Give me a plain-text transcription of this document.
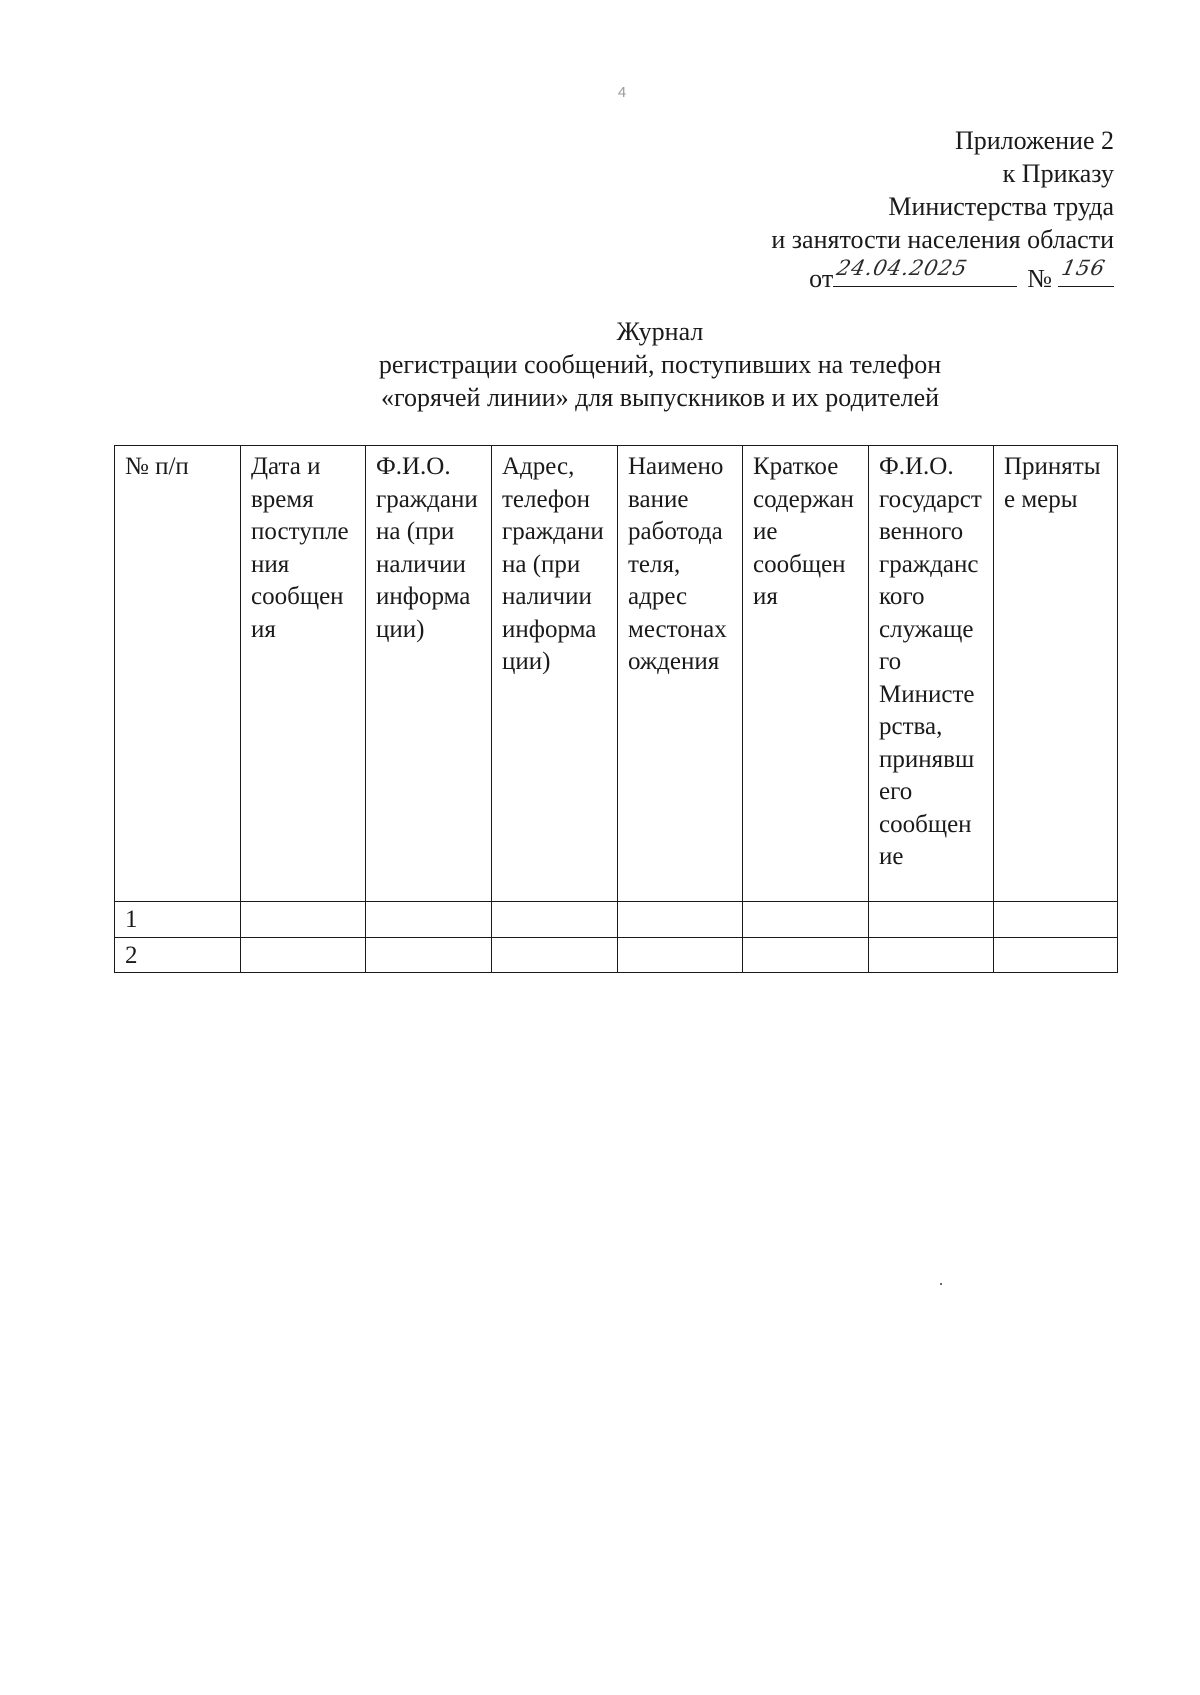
4
Приложение 2
к Приказу
Министерства труда
и занятости населения области
от 24.04.2025 № 156
Журнал
регистрации сообщений, поступивших на телефон
«горячей линии» для выпускников и их родителей
№ п/п	Дата и время поступления сообщения	Ф.И.О. гражданина (при наличии информации)	Адрес, телефон гражданина (при наличии информации)	Наименование работодателя, адрес местонахождения	Краткое содержание сообщения	Ф.И.О. государственного гражданского служащего Министерства, принявшего сообщение	Принятые меры
1							
2							
